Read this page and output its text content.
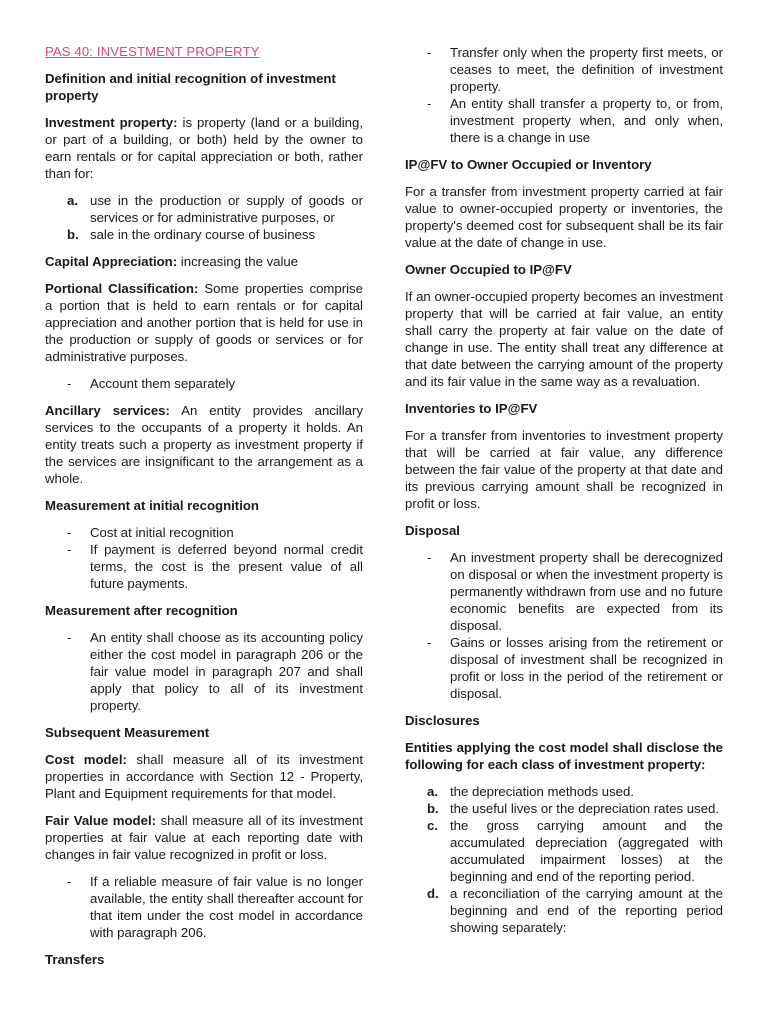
PAS 40: INVESTMENT PROPERTY
Definition and initial recognition of investment property

Investment property: is property (land or a building, or part of a building, or both) held by the owner to earn rentals or for capital appreciation or both, rather than for:

a. use in the production or supply of goods or services or for administrative purposes, or
b. sale in the ordinary course of business

Capital Appreciation: increasing the value

Portional Classification: Some properties comprise a portion that is held to earn rentals or for capital appreciation and another portion that is held for use in the production or supply of goods or services or for administrative purposes.

- Account them separately

Ancillary services: An entity provides ancillary services to the occupants of a property it holds. An entity treats such a property as investment property if the services are insignificant to the arrangement as a whole.

Measurement at initial recognition
- Cost at initial recognition
- If payment is deferred beyond normal credit terms, the cost is the present value of all future payments.
Measurement after recognition
- An entity shall choose as its accounting policy either the cost model in paragraph 206 or the fair value model in paragraph 207 and shall apply that policy to all of its investment property.
Subsequent Measurement

Cost model: shall measure all of its investment properties in accordance with Section 12 - Property, Plant and Equipment requirements for that model.

Fair Value model: shall measure all of its investment properties at fair value at each reporting date with changes in fair value recognized in profit or loss.

- If a reliable measure of fair value is no longer available, the entity shall thereafter account for that item under the cost model in accordance with paragraph 206.
Transfers
- Transfer only when the property first meets, or ceases to meet, the definition of investment property.
- An entity shall transfer a property to, or from, investment property when, and only when, there is a change in use
IP@FV to Owner Occupied or Inventory

For a transfer from investment property carried at fair value to owner-occupied property or inventories, the property's deemed cost for subsequent shall be its fair value at the date of change in use.

Owner Occupied to IP@FV

If an owner-occupied property becomes an investment property that will be carried at fair value, an entity shall carry the property at fair value on the date of change in use. The entity shall treat any difference at that date between the carrying amount of the property and its fair value in the same way as a revaluation.

Inventories to IP@FV

For a transfer from inventories to investment property that will be carried at fair value, any difference between the fair value of the property at that date and its previous carrying amount shall be recognized in profit or loss.

Disposal
- An investment property shall be derecognized on disposal or when the investment property is permanently withdrawn from use and no future economic benefits are expected from its disposal.
- Gains or losses arising from the retirement or disposal of investment shall be recognized in profit or loss in the period of the retirement or disposal.
Disclosures

Entities applying the cost model shall disclose the following for each class of investment property:

a. the depreciation methods used.
b. the useful lives or the depreciation rates used.
c. the gross carrying amount and the accumulated depreciation (aggregated with accumulated impairment losses) at the beginning and end of the reporting period.
d. a reconciliation of the carrying amount at the beginning and end of the reporting period showing separately:
